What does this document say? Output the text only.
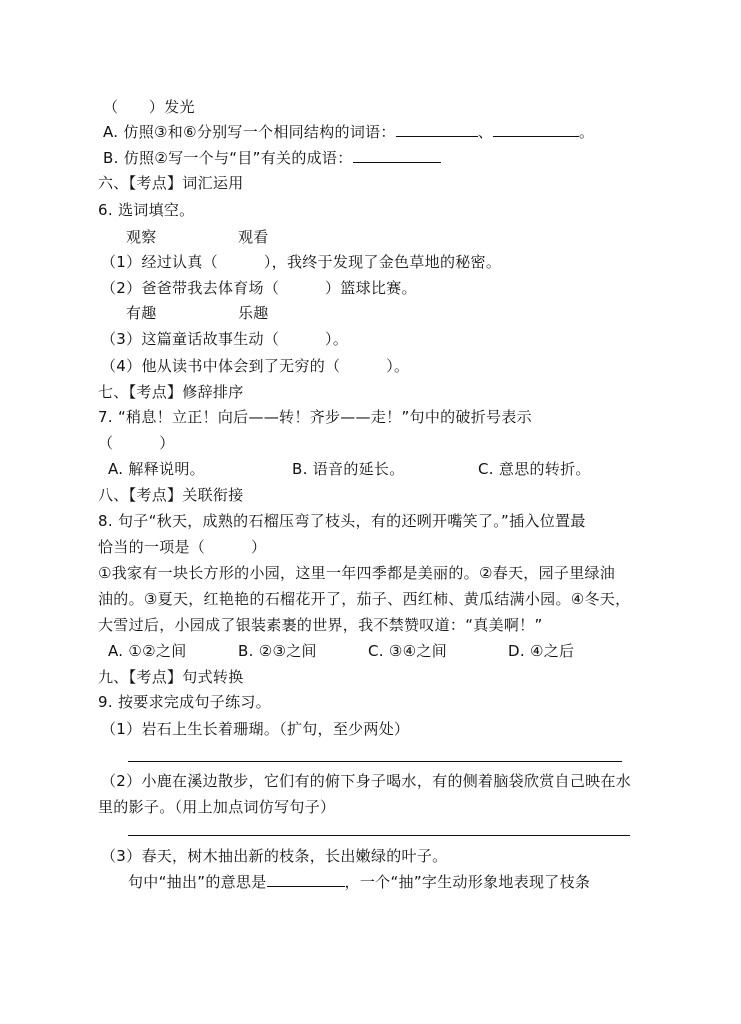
（　　）发光
A. 仿照③和⑥分别写一个相同结构的词语：	、	。
B. 仿照②写一个与“目”有关的成语：
六、【考点】词汇运用
6. 选词填空。
观察	观看
（1）经过认真（　　　），我终于发现了金色草地的秘密。
（2）爸爸带我去体育场（　　　）篮球比赛。
有趣	乐趣
（3）这篇童话故事生动（　　　）。
（4）他从读书中体会到了无穷的（　　　）。
七、【考点】修辞排序
7. “稍息！立正！向后——转！齐步——走！”句中的破折号表示
（　　　）
A. 解释说明。	B. 语音的延长。	C. 意思的转折。
八、【考点】关联衔接
8. 句子“秋天，成熟的石榴压弯了枝头，有的还咧开嘴笑了。”插入位置最
恰当的一项是（　　　）
①我家有一块长方形的小园，这里一年四季都是美丽的。②春天，园子里绿油
油的。③夏天，红艳艳的石榴花开了，茄子、西红柿、黄瓜结满小园。④冬天，
大雪过后，小园成了银装素裹的世界，我不禁赞叹道：“真美啊！”
A. ①②之间	B. ②③之间	C. ③④之间	D. ④之后
九、【考点】句式转换
9. 按要求完成句子练习。
（1）岩石上生长着珊瑚。（扩句，至少两处）
（2）小鹿在溪边散步，它们有的俯下身子喝水，有的侧着脑袋欣赏自己映在水
里的影子。（用上加点词仿写句子）
（3）春天，树木抽出新的枝条，长出嫩绿的叶子。
句中“抽出”的意思是	，一个“抽”字生动形象地表现了枝条
